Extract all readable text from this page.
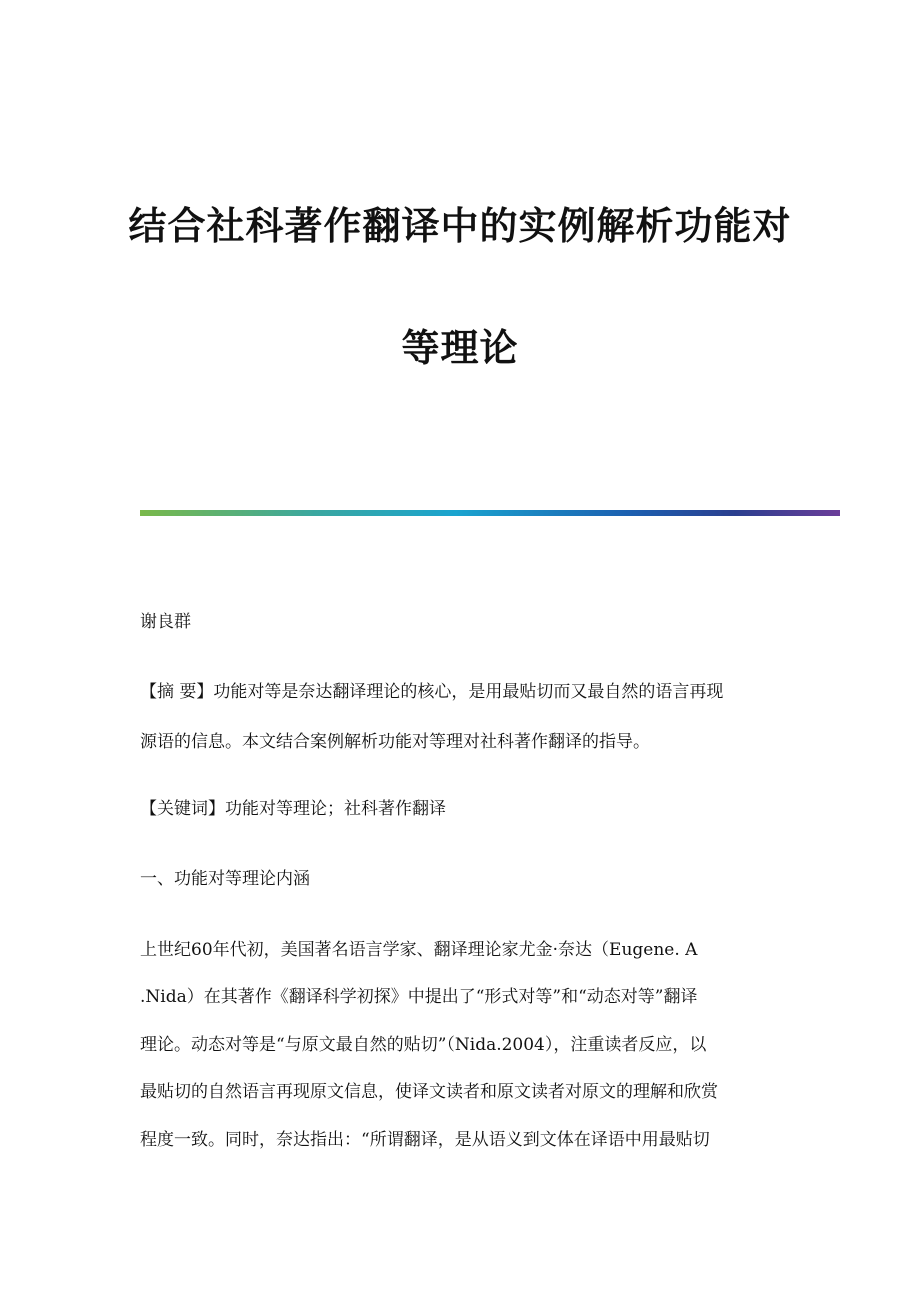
结合社科著作翻译中的实例解析功能对
等理论

谢良群

【摘 要】功能对等是奈达翻译理论的核心，是用最贴切而又最自然的语言再现

源语的信息。本文结合案例解析功能对等理对社科著作翻译的指导。

【关键词】功能对等理论；社科著作翻译

一、功能对等理论内涵

上世纪60年代初，美国著名语言学家、翻译理论家尤金·奈达（Eugene. A

.Nida）在其著作《翻译科学初探》中提出了“形式对等”和“动态对等”翻译

理论。动态对等是“与原文最自然的贴切”（Nida.2004），注重读者反应，以

最贴切的自然语言再现原文信息，使译文读者和原文读者对原文的理解和欣赏

程度一致。同时，奈达指出：“所谓翻译，是从语义到文体在译语中用最贴切
